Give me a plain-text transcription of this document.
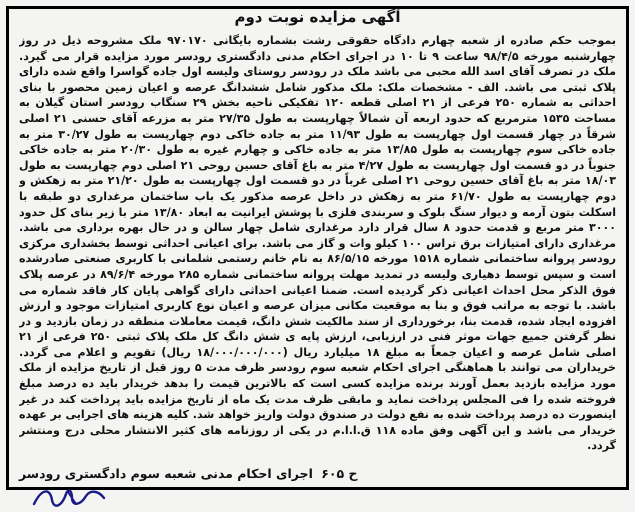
آگهی مزایده نوبت دوم
بموجب حکم صادره از شعبه چهارم دادگاه حقوقی رشت بشماره بایگانی ۹۷۰۱۷۰ ملک مشروحه ذیل در روز چهارشنبه مورخه ۹۸/۴/۵ ساعت ۹ تا ۱۰ در اجرای احکام مدنی دادگستری رودسر مورد مزایده قرار می گیرد. ملک در تصرف آقای اسد الله محبی می باشد ملک در رودسر روستای ولیسه اول جاده گواسرا واقع شده دارای پلاک ثبتی می باشد. الف - مشخصات ملک: ملک مذکور شامل ششدانگ عرصه و اعیان زمین محصور با بنای احداثی به شماره ۲۵۰ فرعی از ۲۱ اصلی قطعه ۱۲۰ تفکیکی ناحیه بخش ۲۹ سنگاب رودسر استان گیلان به مساحت ۱۵۳۵ مترمربع که حدود اربعه آن شمالاً چهارپست به طول ۲۷/۳۵ متر به مزرعه آقای حسنی ۲۱ اصلی شرقاً در چهار قسمت اول چهارپست به طول ۱۱/۹۳ متر به جاده خاکی دوم چهارپست به طول ۳۰/۲۷ متر به جاده خاکی سوم چهارپست به طول ۱۳/۸۵ متر به جاده خاکی و چهارم غیره به طول ۲۰/۳۰ متر به جاده خاکی جنوباً در دو قسمت اول چهارپست به طول ۴/۲۷ متر به باغ آقای حسین روحی ۲۱ اصلی دوم چهارپست به طول ۱۸/۰۳ متر به باغ آقای حسین روحی ۲۱ اصلی غرباً در دو قسمت اول چهارپست به طول ۲۱/۲۰ متر به زهکش و دوم چهارپست به طول ۶۱/۷۰ متر به زهکش در داخل عرصه مذکور یک باب ساختمان مرغداری دو طبقه با اسکلت بتون آرمه و دیوار سنگ بلوک و سربندی فلزی با پوشش ایرانیت به ابعاد ۱۳/۸۰ متر با زیر بنای کل حدود ۳۰۰۰ متر مربع و قدمت حدود ۸ سال قرار دارد مرغداری شامل چهار سالن و در حال بهره برداری می باشد. مرغداری دارای امتیازات برق تراس ۱۰۰ کیلو وات و گاز می باشد. برای اعیانی احداثی توسط بخشداری مرکزی رودسر پروانه ساختمانی شماره ۱۵۱۸ مورخه ۸۶/۵/۱۵ به نام خانم رستمی شلمانی با کاربری صنعتی صادرشده است و سپس توسط دهیاری ولیسه در تمدید مهلت پروانه ساختمانی شماره ۲۸۵ مورخه ۸۹/۶/۴ در عرصه پلاک فوق الذکر محل احداث اعیانی ذکر گردیده است. ضمنا اعیانی احداثی دارای گواهی پایان کار فاقد شماره می باشد. با توجه به مراتب فوق و بنا به موقعیت مکانی میزان عرصه و اعیان نوع کاربری امتیازات موجود و ارزش افزوده ایجاد شده، قدمت بنا، برخورداری از سند مالکیت شش دانگ، قیمت معاملات منطقه در زمان بازدید و در نظر گرفتن جمیع جهات موثر فنی در ارزیابی، ارزش پایه ی شش دانگ کل ملک پلاک ثبتی ۲۵۰ فرعی از ۲۱ اصلی شامل عرصه و اعیان جمعاً به مبلغ ۱۸ میلیارد ریال (۱۸/۰۰۰/۰۰۰/۰۰۰ ریال) تقویم و اعلام می گردد. خریداران می توانند با هماهنگی اجرای احکام شعبه سوم رودسر ظرف مدت ۵ روز قبل از تاریخ مزایده از ملک مورد مزایده بازدید بعمل آورند برنده مزایده کسی است که بالاترین قیمت را بدهد خریدار باید ده درصد مبلغ فروخته شده را فی المجلس پرداخت نماید و مابقی ظرف مدت یک ماه از تاریخ مزایده باید پرداخت کند در غیر اینصورت ده درصد پرداخت شده به نفع دولت در صندوق دولت واریز خواهد شد. کلیه هزینه های اجرایی بر عهده خریدار می باشد و این آگهی وفق ماده ۱۱۸ ق.ا.ا.م در یکی از روزنامه های کثیر الانتشار محلی درج ومنتشر گردد.
ح ۶۰۵ اجرای احکام مدنی شعبه سوم دادگستری رودسر
